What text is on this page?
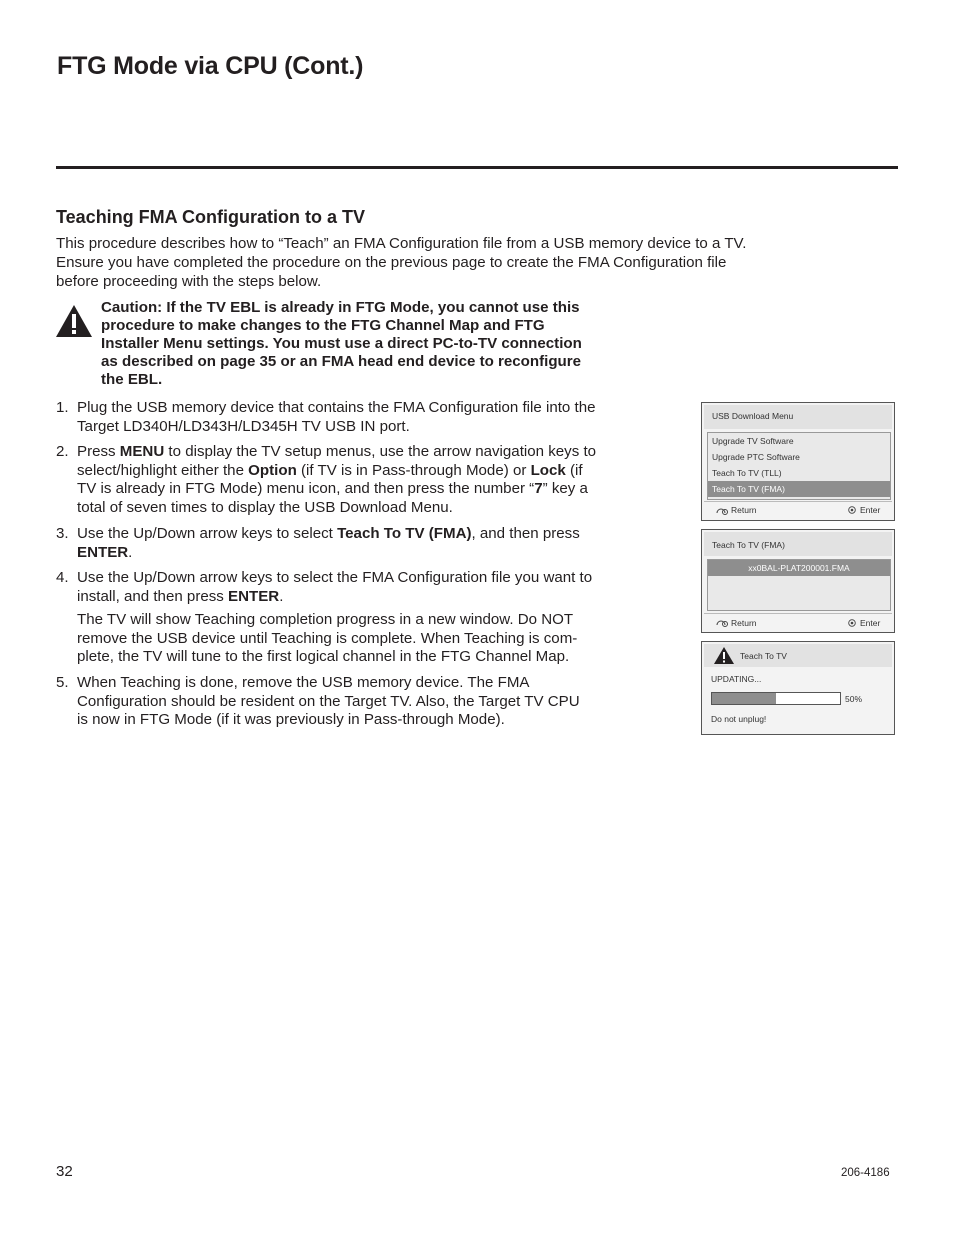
FTG Mode via CPU (Cont.)
Teaching FMA Configuration to a TV

This procedure describes how to “Teach” an FMA Configuration file from a USB memory device to a TV.
Ensure you have completed the procedure on the previous page to create the FMA Configuration file
before proceeding with the steps below.

Caution: If the TV EBL is already in FTG Mode, you cannot use this
procedure to make changes to the FTG Channel Map and FTG
Installer Menu settings. You must use a direct PC-to-TV connection
as described on page 35 or an FMA head end device to reconfigure
the EBL.

1. Plug the USB memory device that contains the FMA Configuration file into the
Target LD340H/LD343H/LD345H TV USB IN port.
2. Press MENU to display the TV setup menus, use the arrow navigation keys to
select/highlight either the Option (if TV is in Pass-through Mode) or Lock (if
TV is already in FTG Mode) menu icon, and then press the number “7” key a
total of seven times to display the USB Download Menu.
3. Use the Up/Down arrow keys to select Teach To TV (FMA), and then press
ENTER.
4. Use the Up/Down arrow keys to select the FMA Configuration file you want to
install, and then press ENTER.
The TV will show Teaching completion progress in a new window. Do NOT
remove the USB device until Teaching is complete. When Teaching is com-
plete, the TV will tune to the first logical channel in the FTG Channel Map.
5. When Teaching is done, remove the USB memory device. The FMA
Configuration should be resident on the Target TV. Also, the Target TV CPU
is now in FTG Mode (if it was previously in Pass-through Mode).
USB Download Menu
Upgrade TV Software
Upgrade PTC Software
Teach To TV (TLL)
Teach To TV (FMA)
Return	Enter
Teach To TV (FMA)
xx0BAL-PLAT200001.FMA
Return	Enter
Teach To TV
UPDATING...
50%
Do not unplug!
32	206-4186
